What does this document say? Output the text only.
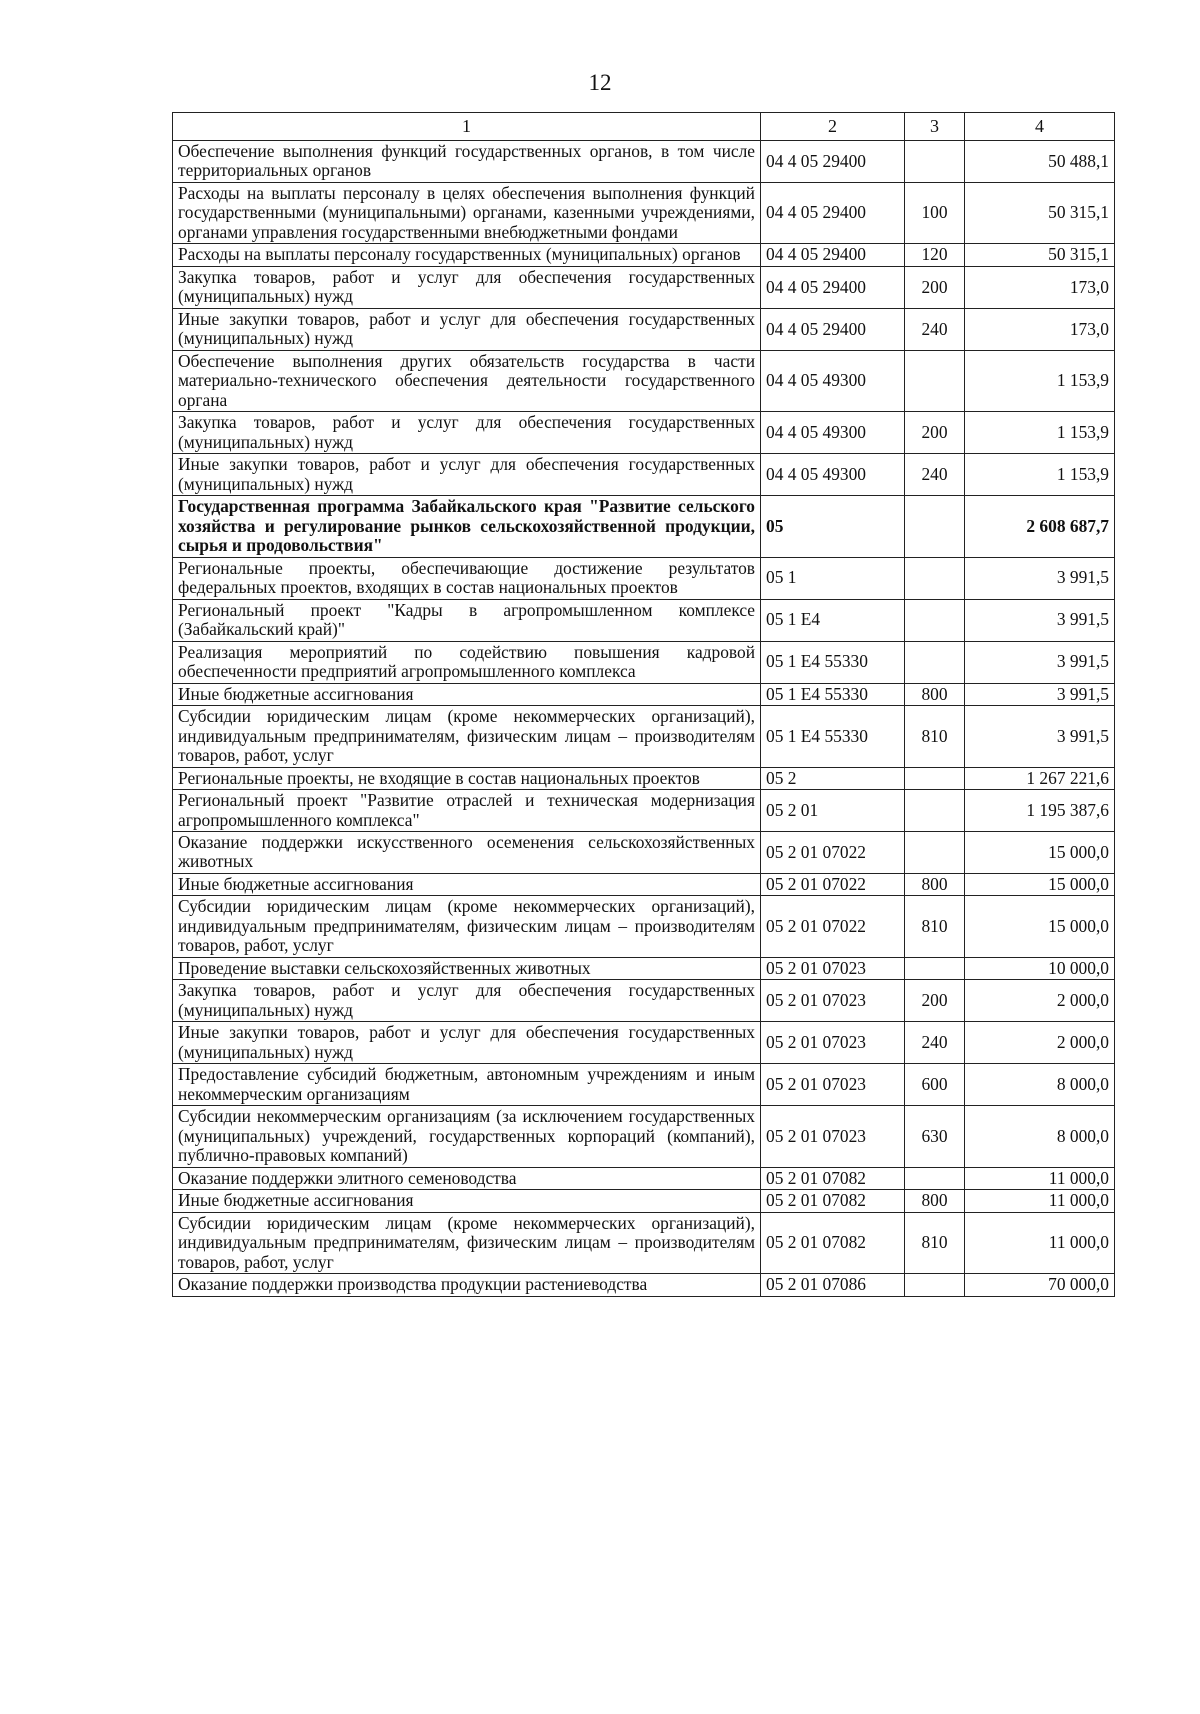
12
1	2	3	4
Обеспечение выполнения функций государственных органов, в том числе территориальных органов	04 4 05 29400		50 488,1
Расходы на выплаты персоналу в целях обеспечения выполнения функций государственными (муниципальными) органами, казенными учреждениями, органами управления государственными внебюджетными фондами	04 4 05 29400	100	50 315,1
Расходы на выплаты персоналу государственных (муниципальных) органов	04 4 05 29400	120	50 315,1
Закупка товаров, работ и услуг для обеспечения государственных (муниципальных) нужд	04 4 05 29400	200	173,0
Иные закупки товаров, работ и услуг для обеспечения государственных (муниципальных) нужд	04 4 05 29400	240	173,0
Обеспечение выполнения других обязательств государства в части материально-технического обеспечения деятельности государственного органа	04 4 05 49300		1 153,9
Закупка товаров, работ и услуг для обеспечения государственных (муниципальных) нужд	04 4 05 49300	200	1 153,9
Иные закупки товаров, работ и услуг для обеспечения государственных (муниципальных) нужд	04 4 05 49300	240	1 153,9
Государственная программа Забайкальского края "Развитие сельского хозяйства и регулирование рынков сельскохозяйственной продукции, сырья и продовольствия"	05		2 608 687,7
Региональные проекты, обеспечивающие достижение результатов федеральных проектов, входящих в состав национальных проектов	05 1		3 991,5
Региональный проект "Кадры в агропромышленном комплексе (Забайкальский край)"	05 1 Е4		3 991,5
Реализация мероприятий по содействию повышения кадровой обеспеченности предприятий агропромышленного комплекса	05 1 Е4 55330		3 991,5
Иные бюджетные ассигнования	05 1 Е4 55330	800	3 991,5
Субсидии юридическим лицам (кроме некоммерческих организаций), индивидуальным предпринимателям, физическим лицам – производителям товаров, работ, услуг	05 1 Е4 55330	810	3 991,5
Региональные проекты, не входящие в состав национальных проектов	05 2		1 267 221,6
Региональный проект "Развитие отраслей и техническая модернизация агропромышленного комплекса"	05 2 01		1 195 387,6
Оказание поддержки искусственного осеменения сельскохозяйственных животных	05 2 01 07022		15 000,0
Иные бюджетные ассигнования	05 2 01 07022	800	15 000,0
Субсидии юридическим лицам (кроме некоммерческих организаций), индивидуальным предпринимателям, физическим лицам – производителям товаров, работ, услуг	05 2 01 07022	810	15 000,0
Проведение выставки сельскохозяйственных животных	05 2 01 07023		10 000,0
Закупка товаров, работ и услуг для обеспечения государственных (муниципальных) нужд	05 2 01 07023	200	2 000,0
Иные закупки товаров, работ и услуг для обеспечения государственных (муниципальных) нужд	05 2 01 07023	240	2 000,0
Предоставление субсидий бюджетным, автономным учреждениям и иным некоммерческим организациям	05 2 01 07023	600	8 000,0
Субсидии некоммерческим организациям (за исключением государственных (муниципальных) учреждений, государственных корпораций (компаний), публично-правовых компаний)	05 2 01 07023	630	8 000,0
Оказание поддержки элитного семеноводства	05 2 01 07082		11 000,0
Иные бюджетные ассигнования	05 2 01 07082	800	11 000,0
Субсидии юридическим лицам (кроме некоммерческих организаций), индивидуальным предпринимателям, физическим лицам – производителям товаров, работ, услуг	05 2 01 07082	810	11 000,0
Оказание поддержки производства продукции растениеводства	05 2 01 07086		70 000,0
